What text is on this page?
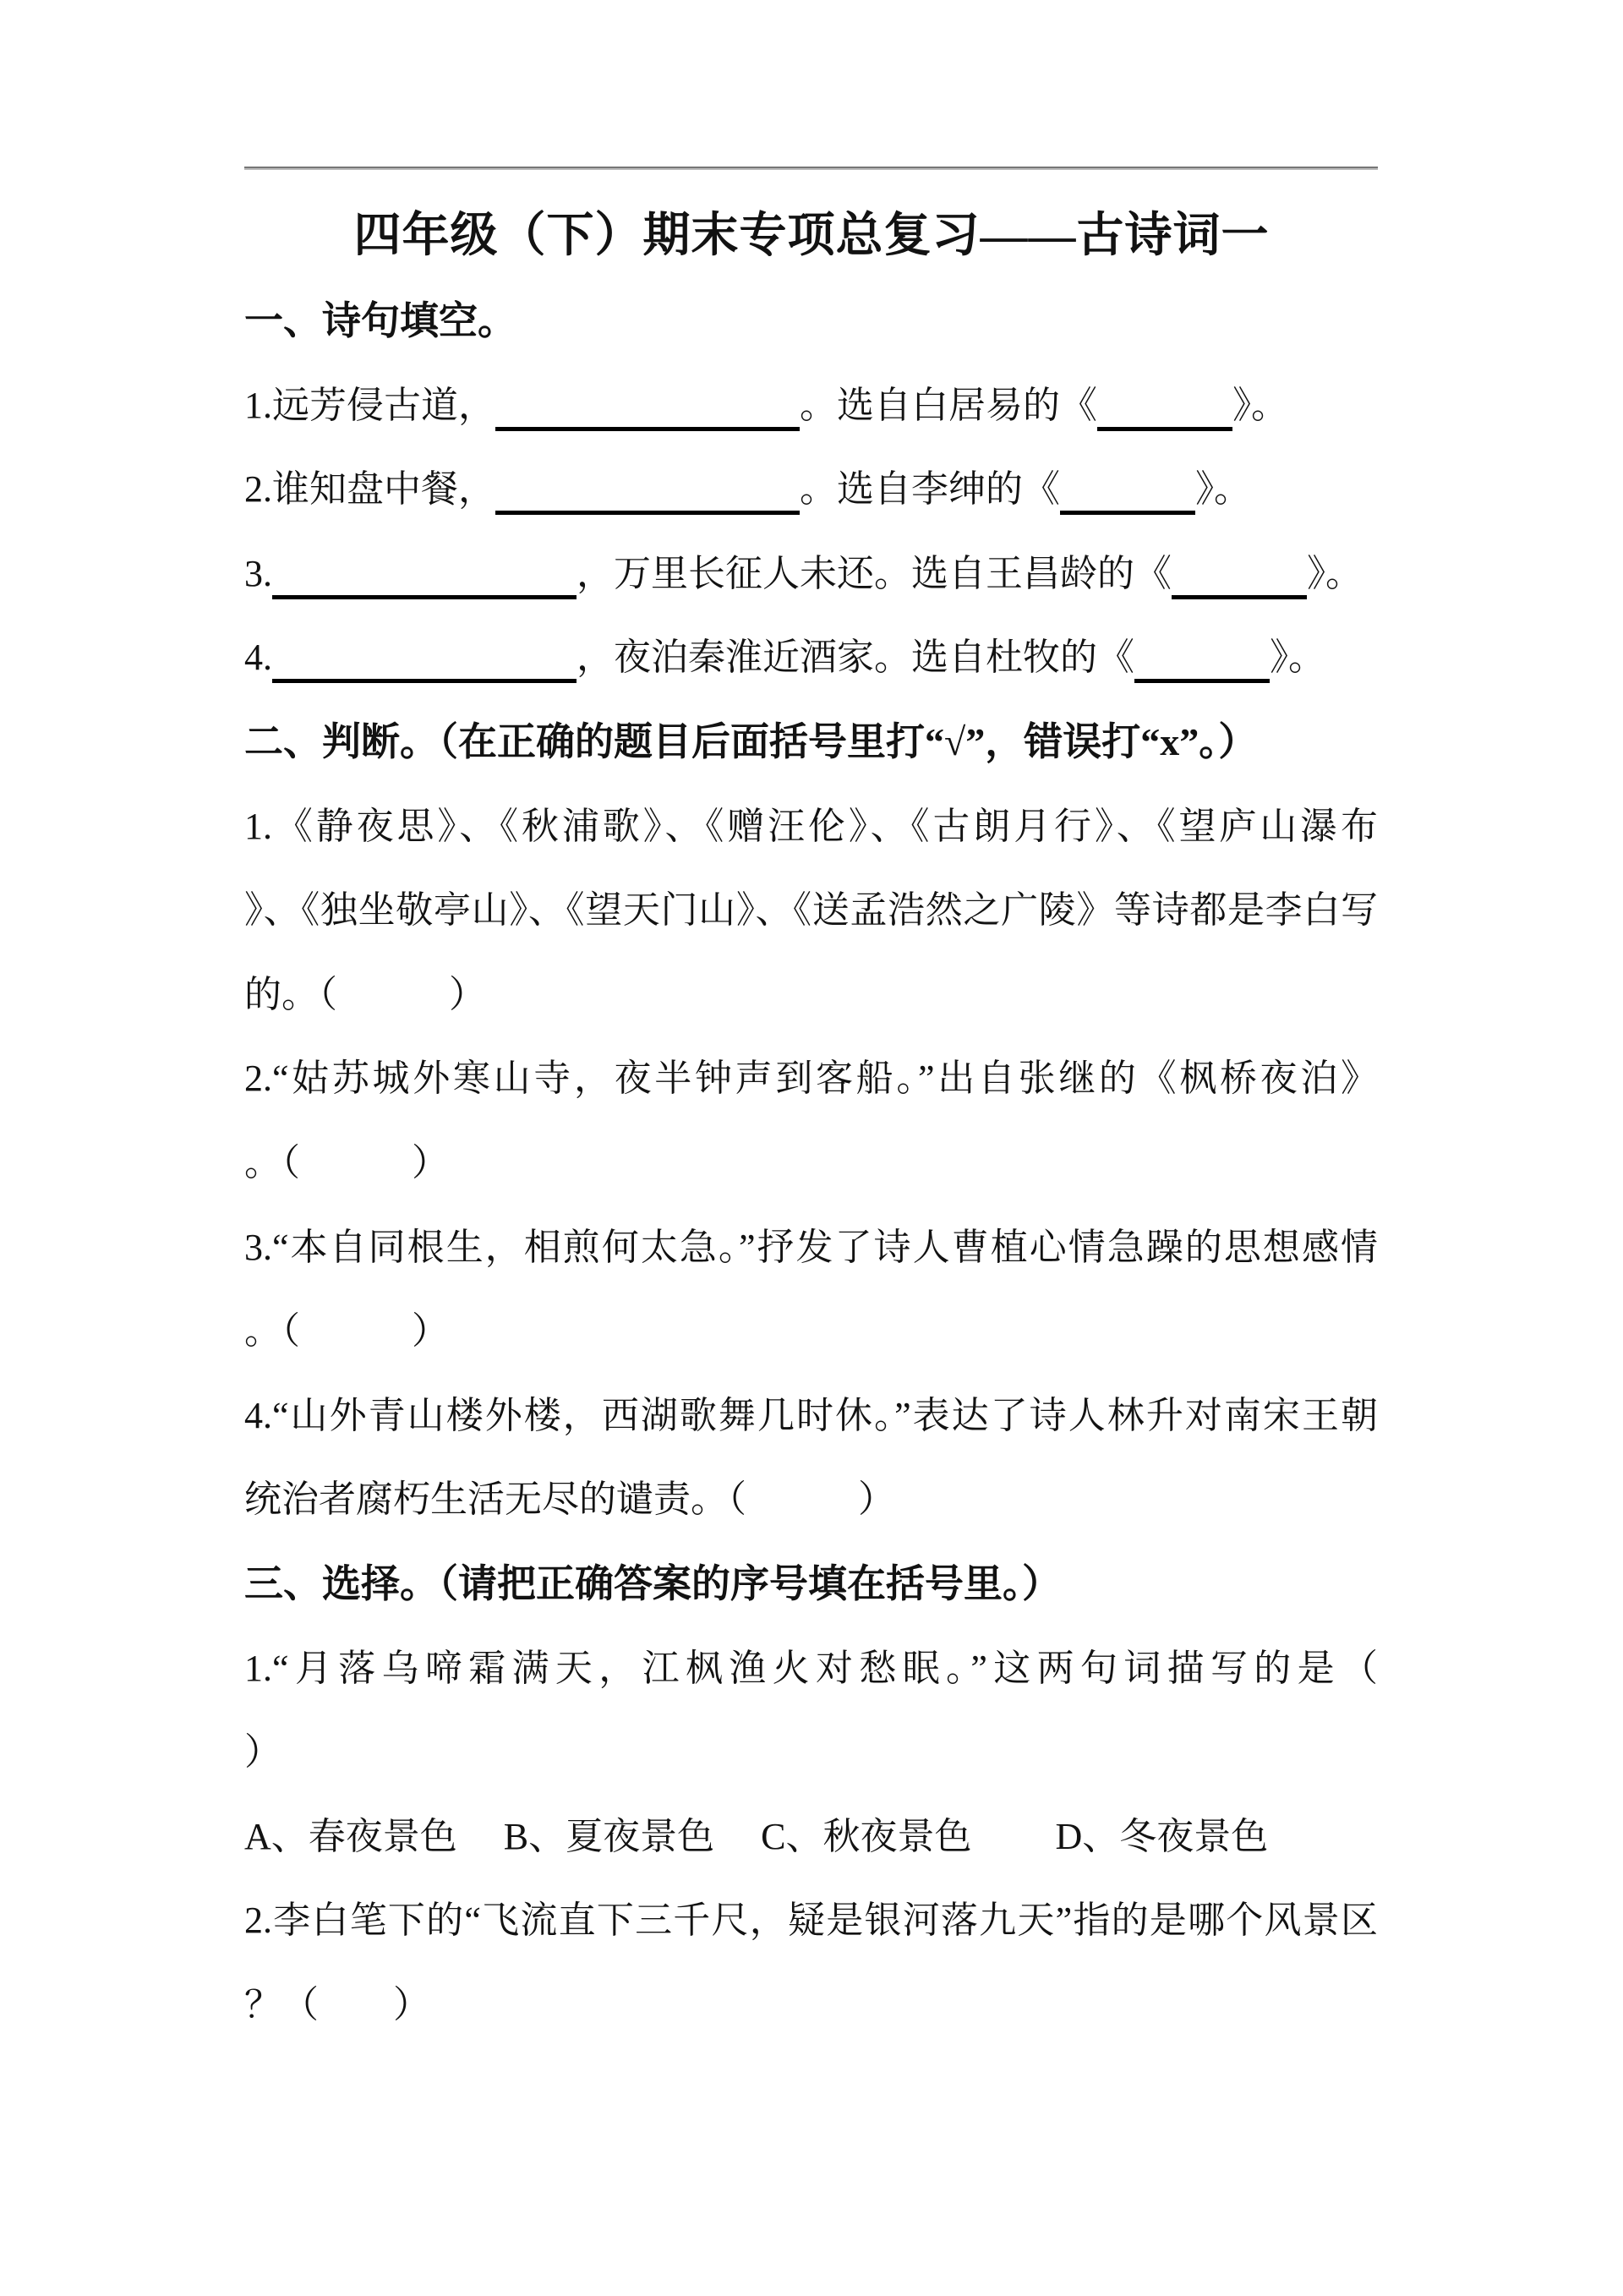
四年级（下）期末专项总复习——古诗词一
一、诗句填空。
1.远芳侵古道，	。选自白居易的《	》。
2.谁知盘中餐，	。选自李绅的《	》。
3.	，万里长征人未还。选自王昌龄的《	》。
4.	，夜泊秦淮近酒家。选自杜牧的《	》。
二、判断。（在正确的题目后面括号里打“√”，错误打“x”。）
1.《静夜思》、《秋浦歌》、《赠汪伦》、《古朗月行》、《望庐山瀑布
》、《独坐敬亭山》、《望天门山》、《送孟浩然之广陵》等诗都是李白写
的。（　　　）
2.“姑苏城外寒山寺，夜半钟声到客船。”出自张继的《枫桥夜泊》
。（　　　）
3.“本自同根生，相煎何太急。”抒发了诗人曹植心情急躁的思想感情
。（　　　）
4.“山外青山楼外楼，西湖歌舞几时休。”表达了诗人林升对南宋王朝
统治者腐朽生活无尽的谴责。（　　　）
三、选择。（请把正确答案的序号填在括号里。）
1.“月落乌啼霜满天，江枫渔火对愁眠。”这两句词描写的是（
）
A、春夜景色　 B、夏夜景色　 C、秋夜景色　　 D、冬夜景色
2.李白笔下的“飞流直下三千尺，疑是银河落九天”指的是哪个风景区
？（　　）
